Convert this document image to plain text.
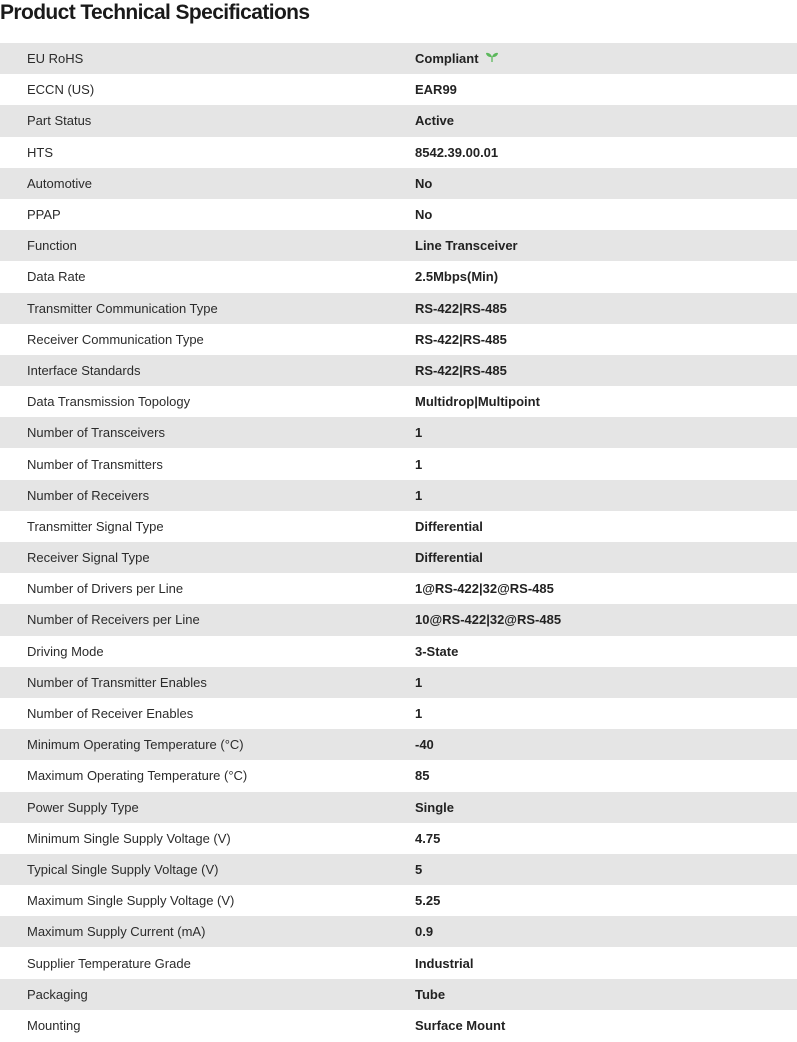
Product Technical Specifications
EU RoHS	Compliant
ECCN (US)	EAR99
Part Status	Active
HTS	8542.39.00.01
Automotive	No
PPAP	No
Function	Line Transceiver
Data Rate	2.5Mbps(Min)
Transmitter Communication Type	RS-422|RS-485
Receiver Communication Type	RS-422|RS-485
Interface Standards	RS-422|RS-485
Data Transmission Topology	Multidrop|Multipoint
Number of Transceivers	1
Number of Transmitters	1
Number of Receivers	1
Transmitter Signal Type	Differential
Receiver Signal Type	Differential
Number of Drivers per Line	1@RS-422|32@RS-485
Number of Receivers per Line	10@RS-422|32@RS-485
Driving Mode	3-State
Number of Transmitter Enables	1
Number of Receiver Enables	1
Minimum Operating Temperature (°C)	-40
Maximum Operating Temperature (°C)	85
Power Supply Type	Single
Minimum Single Supply Voltage (V)	4.75
Typical Single Supply Voltage (V)	5
Maximum Single Supply Voltage (V)	5.25
Maximum Supply Current (mA)	0.9
Supplier Temperature Grade	Industrial
Packaging	Tube
Mounting	Surface Mount
